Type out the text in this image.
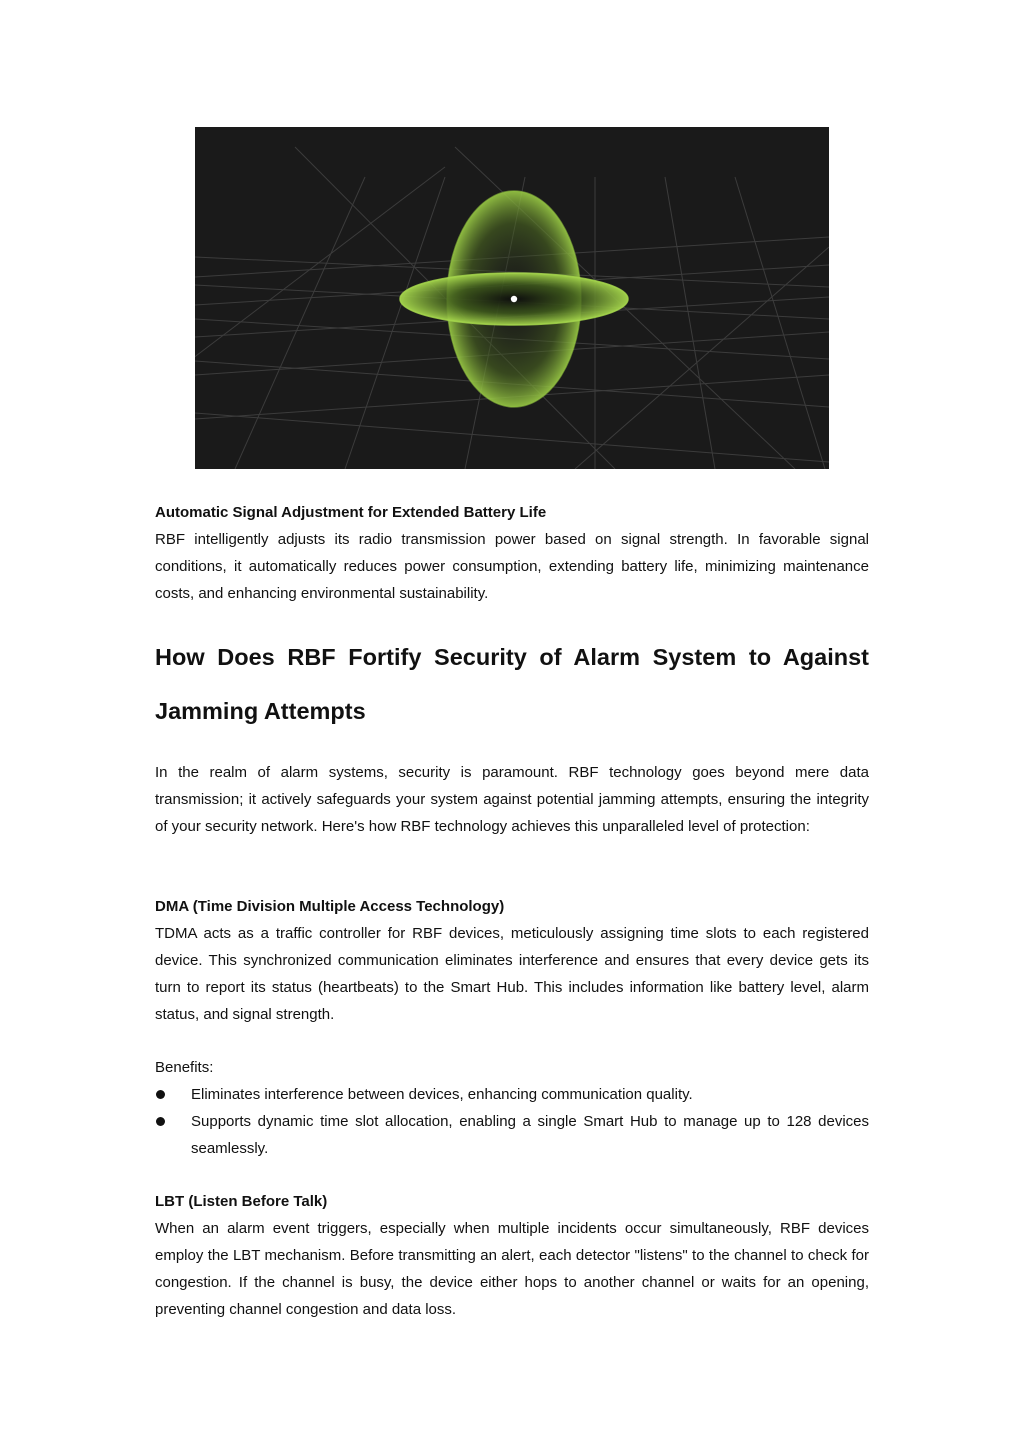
Automatic Signal Adjustment for Extended Battery Life

RBF intelligently adjusts its radio transmission power based on signal strength. In favorable signal conditions, it automatically reduces power consumption, extending battery life, minimizing maintenance costs, and enhancing environmental sustainability.

How Does RBF Fortify Security of Alarm System to Against Jamming Attempts

In the realm of alarm systems, security is paramount. RBF technology goes beyond mere data transmission; it actively safeguards your system against potential jamming attempts, ensuring the integrity of your security network. Here's how RBF technology achieves this unparalleled level of protection:

DMA (Time Division Multiple Access Technology)

TDMA acts as a traffic controller for RBF devices, meticulously assigning time slots to each registered device. This synchronized communication eliminates interference and ensures that every device gets its turn to report its status (heartbeats) to the Smart Hub. This includes information like battery level, alarm status, and signal strength.

Benefits:

Eliminates interference between devices, enhancing communication quality.
Supports dynamic time slot allocation, enabling a single Smart Hub to manage up to 128 devices seamlessly.

LBT (Listen Before Talk)

When an alarm event triggers, especially when multiple incidents occur simultaneously, RBF devices employ the LBT mechanism. Before transmitting an alert, each detector "listens" to the channel to check for congestion. If the channel is busy, the device either hops to another channel or waits for an opening, preventing channel congestion and data loss.
